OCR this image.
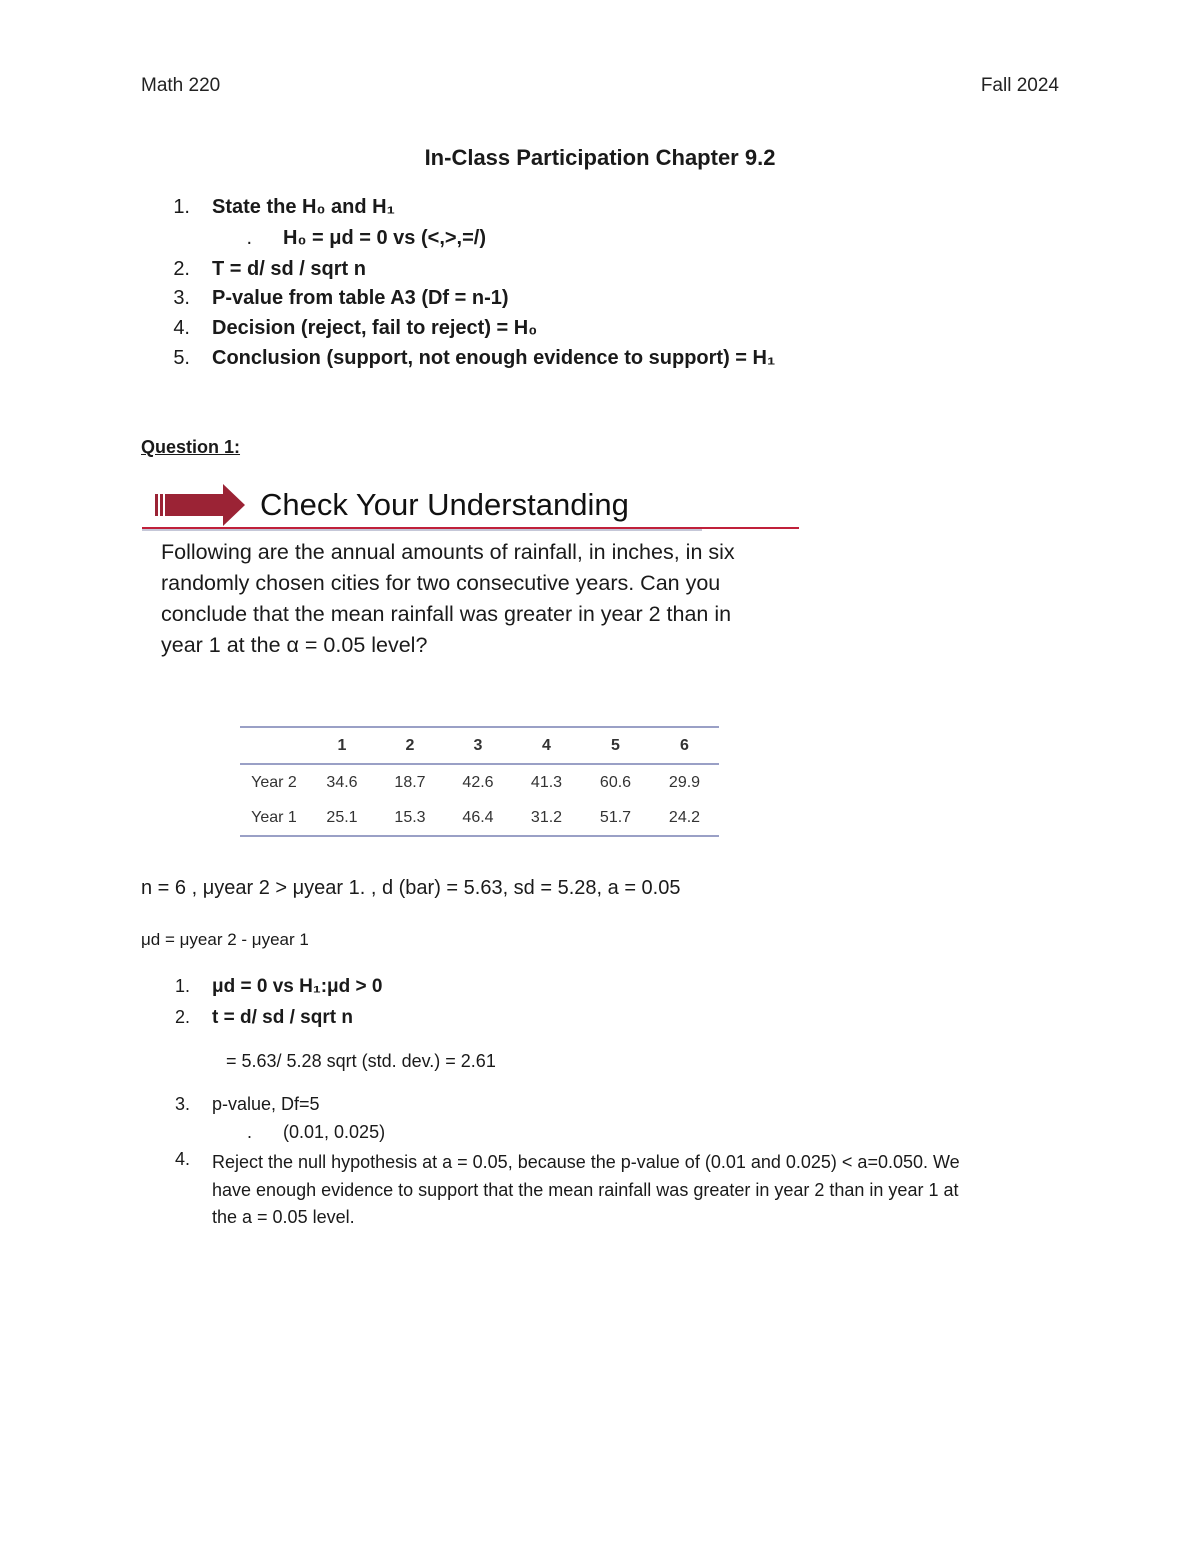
Math 220	Fall 2024
In-Class Participation Chapter 9.2
1. State the H₀ and H₁
. H₀ = μd = 0 vs (<,>,=/)
2. T = d/ sd / sqrt n
3. P-value from table A3 (Df = n-1)
4. Decision (reject, fail to reject) = H₀
5. Conclusion (support, not enough evidence to support) = H₁
Question 1:
Check Your Understanding
Following are the annual amounts of rainfall, in inches, in six
randomly chosen cities for two consecutive years. Can you
conclude that the mean rainfall was greater in year 2 than in
year 1 at the α = 0.05 level?
	1	2	3	4	5	6
Year 2	34.6	18.7	42.6	41.3	60.6	29.9
Year 1	25.1	15.3	46.4	31.2	51.7	24.2
n = 6 , μyear 2 > μyear 1. , d (bar) = 5.63, sd = 5.28, a = 0.05
μd = μyear 2 - μyear 1
1. μd = 0 vs H₁:μd > 0
2. t = d/ sd / sqrt n
= 5.63/ 5.28 sqrt (std. dev.) = 2.61
3. p-value, Df=5
. (0.01, 0.025)
4. Reject the null hypothesis at a = 0.05, because the p-value of (0.01 and 0.025) < a=0.050. We
have enough evidence to support that the mean rainfall was greater in year 2 than in year 1 at
the a = 0.05 level.
